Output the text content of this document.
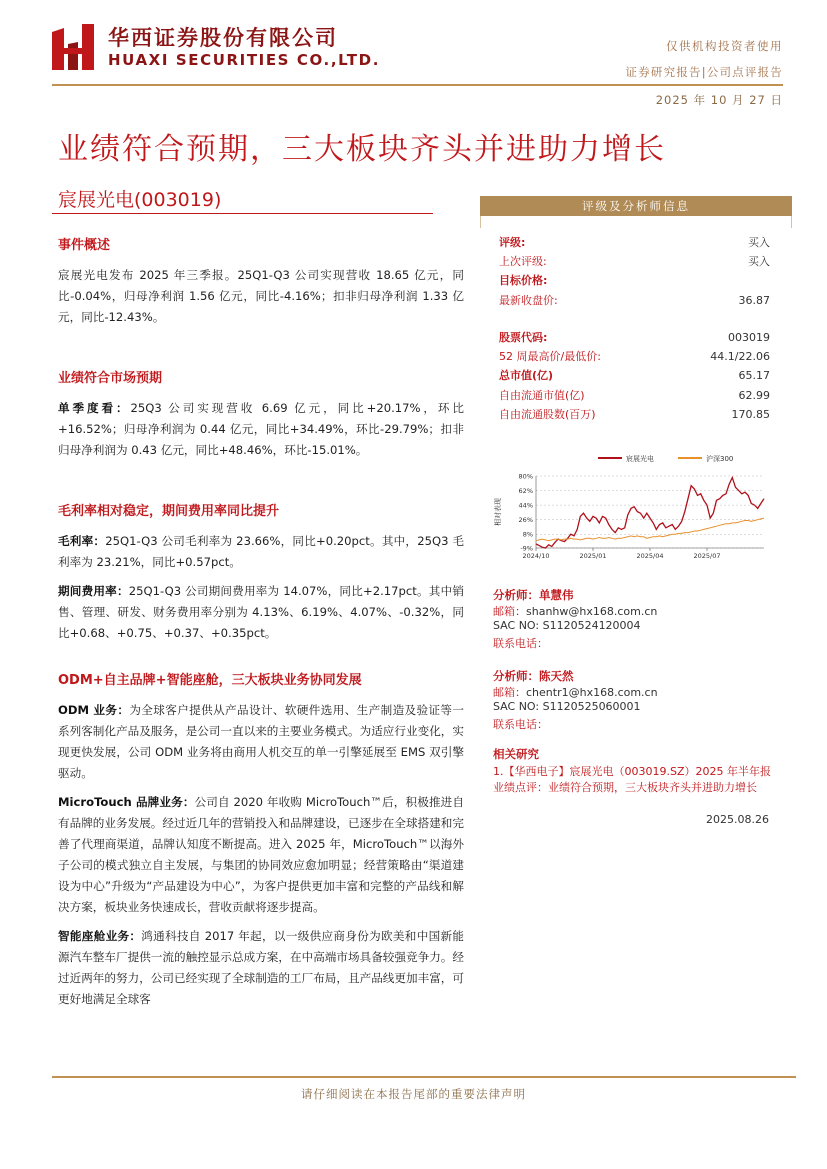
华西证券股份有限公司
HUAXI SECURITIES CO.,LTD.
仅供机构投资者使用
证券研究报告|公司点评报告
2025 年 10 月 27 日
业绩符合预期，三大板块齐头并进助力增长
宸展光电(003019)
事件概述
宸展光电发布 2025 年三季报。25Q1-Q3 公司实现营收 18.65 亿元，同比-0.04%，归母净利润 1.56 亿元，同比-4.16%；扣非归母净利润 1.33 亿元，同比-12.43%。
业绩符合市场预期
单季度看：25Q3 公司实现营收 6.69 亿元，同比+20.17%，环比+16.52%；归母净利润为 0.44 亿元，同比+34.49%，环比-29.79%；扣非归母净利润为 0.43 亿元，同比+48.46%，环比-15.01%。
毛利率相对稳定，期间费用率同比提升
毛利率：25Q1-Q3 公司毛利率为 23.66%，同比+0.20pct。其中，25Q3 毛利率为 23.21%，同比+0.57pct。
期间费用率：25Q1-Q3 公司期间费用率为 14.07%，同比+2.17pct。其中销售、管理、研发、财务费用率分别为 4.13%、6.19%、4.07%、-0.32%，同比+0.68、+0.75、+0.37、+0.35pct。
ODM+自主品牌+智能座舱，三大板块业务协同发展
ODM 业务：为全球客户提供从产品设计、软硬件选用、生产制造及验证等一系列客制化产品及服务，是公司一直以来的主要业务模式。为适应行业变化，实现更快发展，公司 ODM 业务将由商用人机交互的单一引擎延展至 EMS 双引擎驱动。
MicroTouch 品牌业务：公司自 2020 年收购 MicroTouch™后，积极推进自有品牌的业务发展。经过近几年的营销投入和品牌建设，已逐步在全球搭建和完善了代理商渠道，品牌认知度不断提高。进入 2025 年，MicroTouch™以海外子公司的模式独立自主发展，与集团的协同效应愈加明显；经营策略由“渠道建设为中心”升级为“产品建设为中心”，为客户提供更加丰富和完整的产品线和解决方案，板块业务快速成长，营收贡献将逐步提高。
智能座舱业务：鸿通科技自 2017 年起，以一级供应商身份为欧美和中国新能源汽车整车厂提供一流的触控显示总成方案，在中高端市场具备较强竞争力。经过近两年的努力，公司已经实现了全球制造的工厂布局，且产品线更加丰富，可更好地满足全球客
评级及分析师信息
评级:	买入
上次评级:	买入
目标价格:
最新收盘价:	36.87
股票代码:	003019
52 周最高价/最低价:	44.1/22.06
总市值(亿)	65.17
自由流通市值(亿)	62.99
自由流通股数(百万)	170.85
宸展光电	沪深300
相对表现
80%
62%
44%
26%
8%
-9%
2024/10	2025/01	2025/04	2025/07
分析师：单慧伟
邮箱：shanhw@hx168.com.cn
SAC NO: S1120524120004
联系电话：
分析师：陈天然
邮箱：chentr1@hx168.com.cn
SAC NO: S1120525060001
联系电话：
相关研究
1.【华西电子】宸展光电（003019.SZ）2025 年半年报业绩点评：业绩符合预期，三大板块齐头并进助力增长
2025.08.26
请仔细阅读在本报告尾部的重要法律声明
